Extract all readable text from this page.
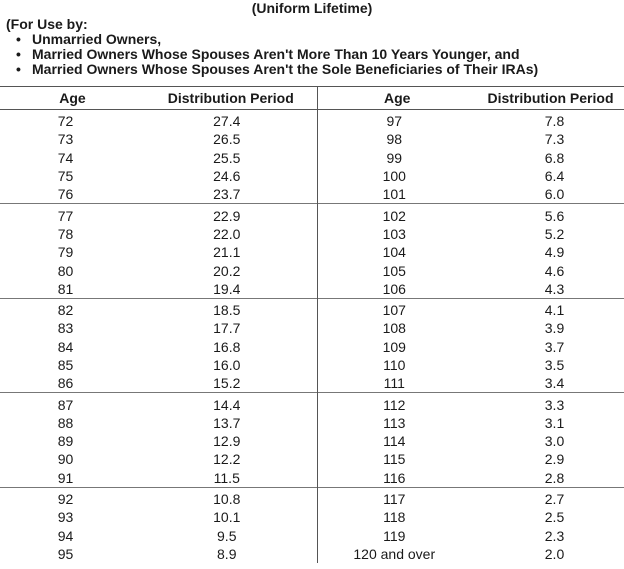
(Uniform Lifetime)
(For Use by:
• Unmarried Owners,
• Married Owners Whose Spouses Aren't More Than 10 Years Younger, and
• Married Owners Whose Spouses Aren't the Sole Beneficiaries of Their IRAs)
Age	Distribution Period	Age	Distribution Period
72	27.4	97	7.8
73	26.5	98	7.3
74	25.5	99	6.8
75	24.6	100	6.4
76	23.7	101	6.0
77	22.9	102	5.6
78	22.0	103	5.2
79	21.1	104	4.9
80	20.2	105	4.6
81	19.4	106	4.3
82	18.5	107	4.1
83	17.7	108	3.9
84	16.8	109	3.7
85	16.0	110	3.5
86	15.2	111	3.4
87	14.4	112	3.3
88	13.7	113	3.1
89	12.9	114	3.0
90	12.2	115	2.9
91	11.5	116	2.8
92	10.8	117	2.7
93	10.1	118	2.5
94	9.5	119	2.3
95	8.9	120 and over	2.0
